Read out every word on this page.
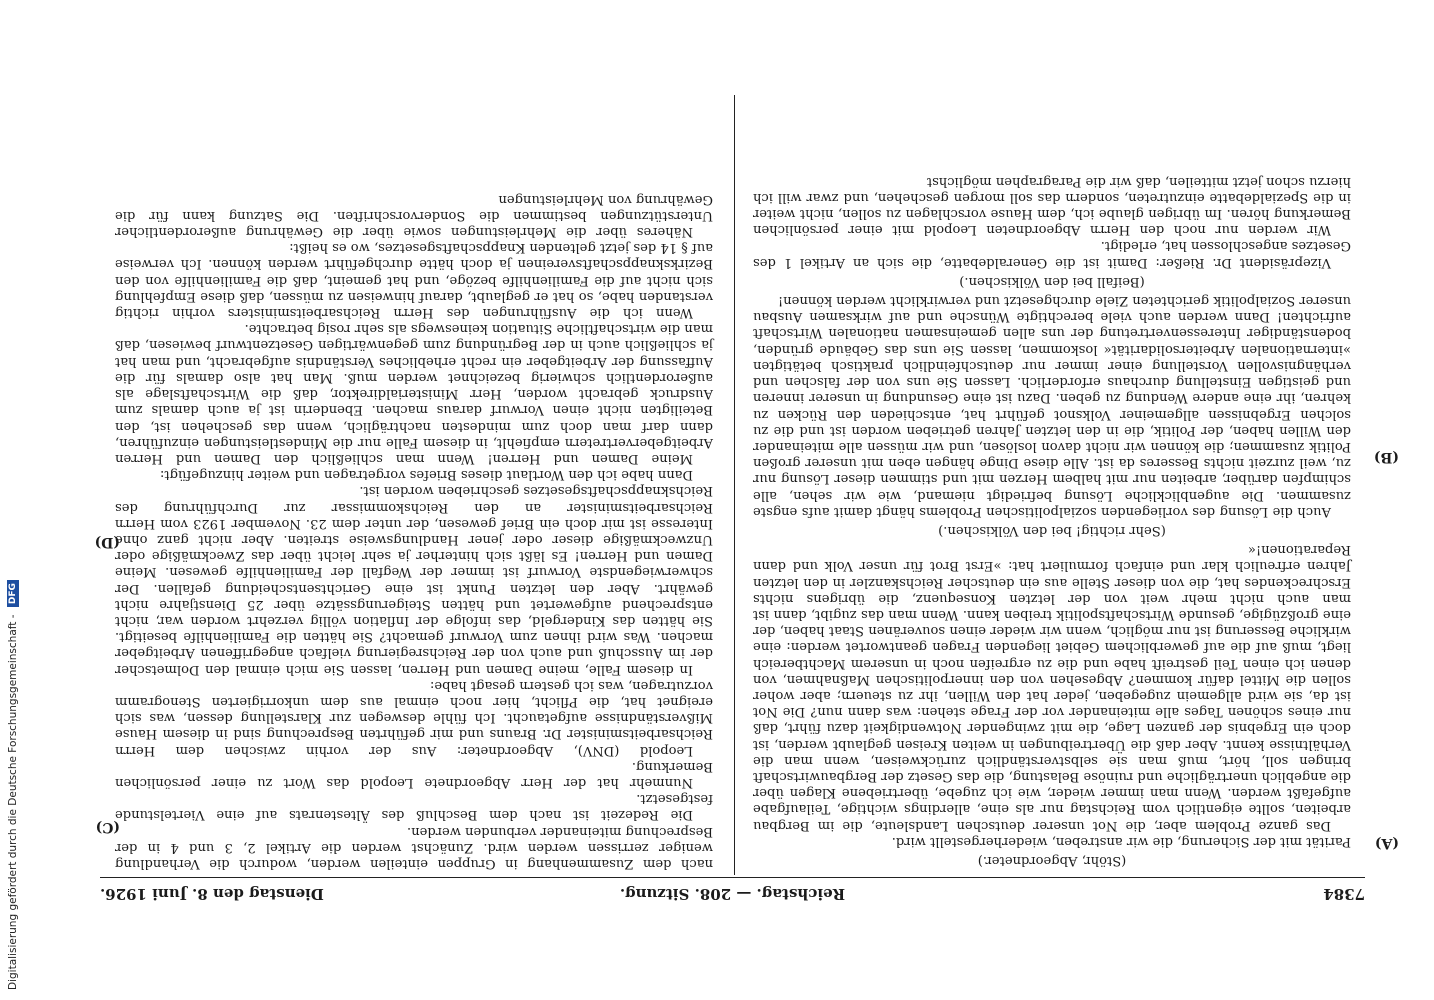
7384
Reichstag. — 208. Sitzung.
Dienstag den 8. Juni 1926.
(A)
(B)
(C)
(D)
(Stöhr, Abgeordneter.)

Parität mit der Sicherung, die wir anstreben, wiederhergestellt wird.

Das ganze Problem aber, die Not unserer deutschen Landsleute, die im Bergbau arbeiten, sollte eigentlich vom Reichstag nur als eine, allerdings wichtige, Teilaufgabe aufgefaßt werden. Wenn man immer wieder, wie ich zugebe, übertriebene Klagen über die angeblich unerträgliche und ruinöse Belastung, die das Gesetz der Bergbauwirtschaft bringen soll, hört, muß man sie selbstverständlich zurückweisen, wenn man die Verhältnisse kennt. Aber daß die Übertreibungen in weiten Kreisen geglaubt werden, ist doch ein Ergebnis der ganzen Lage, die mit zwingender Notwendigkeit dazu führt, daß nur eines schönen Tages alle miteinander vor der Frage stehen: was dann nun? Die Not ist da, sie wird allgemein zugegeben, jeder hat den Willen, ihr zu steuern; aber woher sollen die Mittel dafür kommen? Abgesehen von den innerpolitischen Maßnahmen, von denen ich einen Teil gestreift habe und die zu ergreifen noch in unserem Machtbereich liegt, muß auf die auf gewerblichem Gebiet liegenden Fragen geantwortet werden: eine wirkliche Besserung ist nur möglich, wenn wir wieder einen souveränen Staat haben, der eine großzügige, gesunde Wirtschaftspolitik treiben kann. Wenn man das zugibt, dann ist man auch nicht mehr weit von der letzten Konsequenz, die übrigens nichts Erschreckendes hat, die von dieser Stelle aus ein deutscher Reichskanzler in den letzten Jahren erfreulich klar und einfach formuliert hat: »Erst Brot für unser Volk und dann Reparationen!«

(Sehr richtig! bei den Völkischen.)

Auch die Lösung des vorliegenden sozialpolitischen Problems hängt damit aufs engste zusammen. Die augenblickliche Lösung befriedigt niemand, wie wir sehen, alle schimpfen darüber, arbeiten nur mit halbem Herzen mit und stimmen dieser Lösung nur zu, weil zurzeit nichts Besseres da ist. Alle diese Dinge hängen eben mit unserer großen Politik zusammen; die können wir nicht davon loslösen, und wir müssen alle miteinander den Willen haben, der Politik, die in den letzten Jahren getrieben worden ist und die zu solchen Ergebnissen allgemeiner Volksnot geführt hat, entschieden den Rücken zu kehren, ihr eine andere Wendung zu geben. Dazu ist eine Gesundung in unserer inneren und geistigen Einstellung durchaus erforderlich. Lassen Sie uns von der falschen und verhängnisvollen Vorstellung einer immer nur deutschfeindlich praktisch betätigten »internationalen Arbeitersolidarität« loskommen, lassen Sie uns das Gebäude gründen, bodenständiger Interessenvertretung der uns allen gemeinsamen nationalen Wirtschaft aufrichten! Dann werden auch viele berechtigte Wünsche und auf wirksamen Ausbau unserer Sozialpolitik gerichteten Ziele durchgesetzt und verwirklicht werden können!

(Beifall bei den Völkischen.)

Vizepräsident Dr. Rießer: Damit ist die Generaldebatte, die sich an Artikel 1 des Gesetzes angeschlossen hat, erledigt.

Wir werden nur noch den Herrn Abgeordneten Leopold mit einer persönlichen Bemerkung hören. Im übrigen glaube ich, dem Hause vorschlagen zu sollen, nicht weiter in die Spezialdebatte einzutreten, sondern das soll morgen geschehen, und zwar will ich hierzu schon jetzt mitteilen, daß wir die Paragraphen möglichst

nach dem Zusammenhang in Gruppen einteilen werden, wodurch die Verhandlung weniger zerrissen werden wird. Zunächst werden die Artikel 2, 3 und 4 in der Besprechung miteinander verbunden werden.

Die Redezeit ist nach dem Beschluß des Ältestenrats auf eine Viertelstunde festgesetzt.

Nunmehr hat der Herr Abgeordnete Leopold das Wort zu einer persönlichen Bemerkung.

Leopold (DNV), Abgeordneter: Aus der vorhin zwischen dem Herrn Reichsarbeitsminister Dr. Brauns und mir geführten Besprechung sind in diesem Hause Mißverständnisse aufgetaucht. Ich fühle deswegen zur Klarstellung dessen, was sich ereignet hat, die Pflicht, hier noch einmal aus dem unkorrigierten Stenogramm vorzutragen, was ich gestern gesagt habe:

In diesem Falle, meine Damen und Herren, lassen Sie mich einmal den Dolmetscher der im Ausschuß und auch von der Reichsregierung vielfach angegriffenen Arbeitgeber machen. Was wird ihnen zum Vorwurf gemacht? Sie hätten die Familienhilfe beseitigt. Sie hätten das Kindergeld, das infolge der Inflation völlig verzehrt worden war, nicht entsprechend aufgewertet und hätten Steigerungssätze über 25 Dienstjahre nicht gewährt. Aber den letzten Punkt ist eine Gerichtsentscheidung gefallen. Der schwerwiegendste Vorwurf ist immer der Wegfall der Familienhilfe gewesen. Meine Damen und Herren! Es läßt sich hinterher ja sehr leicht über das Zweckmäßige oder Unzweckmäßige dieser oder jener Handlungsweise streiten. Aber nicht ganz ohne Interesse ist mir doch ein Brief gewesen, der unter dem 23. November 1923 vom Herrn Reichsarbeitsminister an den Reichskommissar zur Durchführung des Reichsknappschaftsgesetzes geschrieben worden ist.

Dann habe ich den Wortlaut dieses Briefes vorgetragen und weiter hinzugefügt:

Meine Damen und Herren! Wenn man schließlich den Damen und Herren Arbeitgebervertretern empfiehlt, in diesem Falle nur die Mindestleistungen einzuführen, dann darf man doch zum mindesten nachträglich, wenn das geschehen ist, den Beteiligten nicht einen Vorwurf daraus machen. Ebenderin ist ja auch damals zum Ausdruck gebracht worden, Herr Ministerialdirektor, daß die Wirtschaftslage als außerordentlich schwierig bezeichnet werden muß. Man hat also damals für die Auffassung der Arbeitgeber ein recht erhebliches Verständnis aufgebracht, und man hat ja schließlich auch in der Begründung zum gegenwärtigen Gesetzentwurf bewiesen, daß man die wirtschaftliche Situation keineswegs als sehr rosig betrachte.

Wenn ich die Ausführungen des Herrn Reichsarbeitsministers vorhin richtig verstanden habe, so hat er geglaubt, darauf hinweisen zu müssen, daß diese Empfehlung sich nicht auf die Familienhilfe bezöge, und hat gemeint, daß die Familienhilfe von den Bezirksknappschaftsvereinen ja doch hätte durchgeführt werden können. Ich verweise auf § 14 des jetzt geltenden Knappschaftsgesetzes, wo es heißt:

Näheres über die Mehrleistungen sowie über die Gewährung außerordentlicher Unterstützungen bestimmen die Sondervorschriften. Die Satzung kann für die Gewährung von Mehrleistungen

Digitalisierung gefördert durch die Deutsche Forschungsgemeinschaft - DFG
